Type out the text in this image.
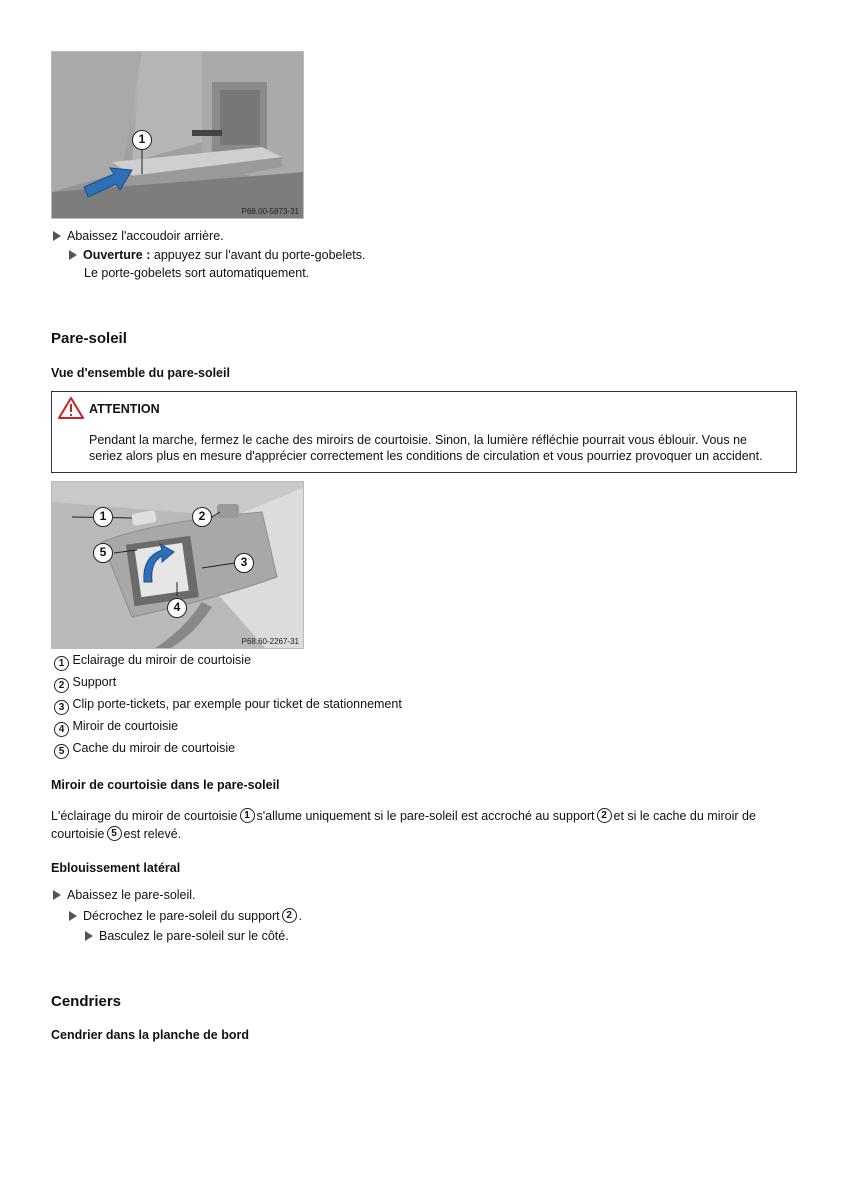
1
P68.00-5873-31
Abaissez l'accoudoir arrière.
Ouverture : appuyez sur l'avant du porte-gobelets.
Le porte-gobelets sort automatiquement.
Pare-soleil
Vue d'ensemble du pare-soleil
ATTENTION
Pendant la marche, fermez le cache des miroirs de courtoisie. Sinon, la lumière réfléchie pourrait vous éblouir. Vous ne
seriez alors plus en mesure d'apprécier correctement les conditions de circulation et vous pourriez provoquer un accident.
1	2
3
4
5
P68.60-2267-31
1 Eclairage du miroir de courtoisie
2 Support
3 Clip porte-tickets, par exemple pour ticket de stationnement
4 Miroir de courtoisie
5 Cache du miroir de courtoisie
Miroir de courtoisie dans le pare-soleil
L'éclairage du miroir de courtoisie 1 s'allume uniquement si le pare-soleil est accroché au support 2 et si le cache du miroir de
courtoisie 5 est relevé.
Eblouissement latéral
Abaissez le pare-soleil.
Décrochez le pare-soleil du support 2 .
Basculez le pare-soleil sur le côté.
Cendriers
Cendrier dans la planche de bord
